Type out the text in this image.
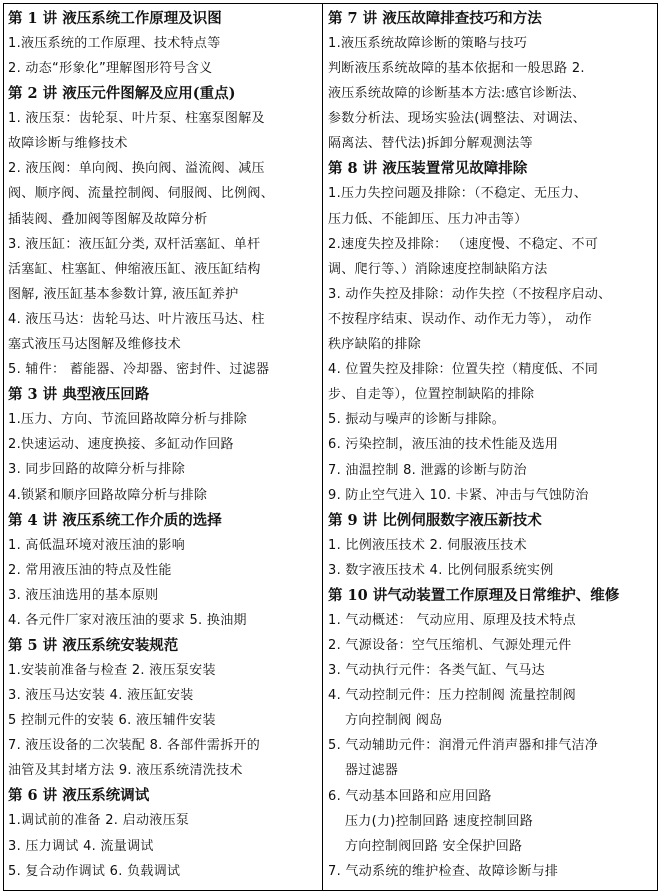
第 1 讲 液压系统工作原理及识图
1.液压系统的工作原理、技术特点等
2. 动态“形象化”理解图形符号含义
第 2 讲 液压元件图解及应用(重点)
1. 液压泵：齿轮泵、叶片泵、柱塞泵图解及
故障诊断与维修技术
2. 液压阀：单向阀、换向阀、溢流阀、减压
阀、顺序阀、流量控制阀、伺服阀、比例阀、
插装阀、叠加阀等图解及故障分析
3. 液压缸：液压缸分类, 双杆活塞缸、单杆
活塞缸、柱塞缸、伸缩液压缸、液压缸结构
图解, 液压缸基本参数计算, 液压缸养护
4. 液压马达：齿轮马达、叶片液压马达、柱
塞式液压马达图解及维修技术
5. 辅件： 蓄能器、冷却器、密封件、过滤器
第 3 讲 典型液压回路
1.压力、方向、节流回路故障分析与排除
2.快速运动、速度换接、多缸动作回路
3. 同步回路的故障分析与排除
4.锁紧和顺序回路故障分析与排除
第 4 讲 液压系统工作介质的选择
1. 高低温环境对液压油的影响
2. 常用液压油的特点及性能
3. 液压油选用的基本原则
4. 各元件厂家对液压油的要求 5. 换油期
第 5 讲 液压系统安装规范
1.安装前准备与检查 2. 液压泵安装
3. 液压马达安装 4. 液压缸安装
5 控制元件的安装 6. 液压辅件安装
7. 液压设备的二次装配 8. 各部件需拆开的
油管及其封堵方法 9. 液压系统清洗技术
第 6 讲 液压系统调试
1.调试前的准备 2. 启动液压泵
3. 压力调试 4. 流量调试
5. 复合动作调试 6. 负载调试
第 7 讲 液压故障排查技巧和方法
1.液压系统故障诊断的策略与技巧
判断液压系统故障的基本依据和一般思路 2.
液压系统故障的诊断基本方法:感官诊断法、
参数分析法、现场实验法(调整法、对调法、
隔离法、替代法)拆卸分解观测法等
第 8 讲 液压装置常见故障排除
1.压力失控问题及排除：（不稳定、无压力、
压力低、不能卸压、压力冲击等）
2.速度失控及排除： （速度慢、不稳定、不可
调、爬行等、）消除速度控制缺陷方法
3. 动作失控及排除：动作失控（不按程序启动、
不按程序结束、误动作、动作无力等）， 动作
秩序缺陷的排除
4. 位置失控及排除：位置失控（精度低、不同
步、自走等），位置控制缺陷的排除
5. 振动与噪声的诊断与排除。
6. 污染控制，液压油的技术性能及选用
7. 油温控制 8. 泄露的诊断与防治
9. 防止空气进入 10. 卡紧、冲击与气蚀防治
第 9 讲 比例伺服数字液压新技术
1. 比例液压技术 2. 伺服液压技术
3. 数字液压技术 4. 比例伺服系统实例
第 10 讲气动装置工作原理及日常维护、维修
1. 气动概述： 气动应用、原理及技术特点
2. 气源设备：空气压缩机、气源处理元件
3. 气动执行元件：各类气缸、气马达
4. 气动控制元件：压力控制阀 流量控制阀
方向控制阀 阀岛
5. 气动辅助元件：润滑元件消声器和排气洁净
器过滤器
6. 气动基本回路和应用回路
压力(力)控制回路 速度控制回路
方向控制阀回路 安全保护回路
7. 气动系统的维护检查、故障诊断与排
